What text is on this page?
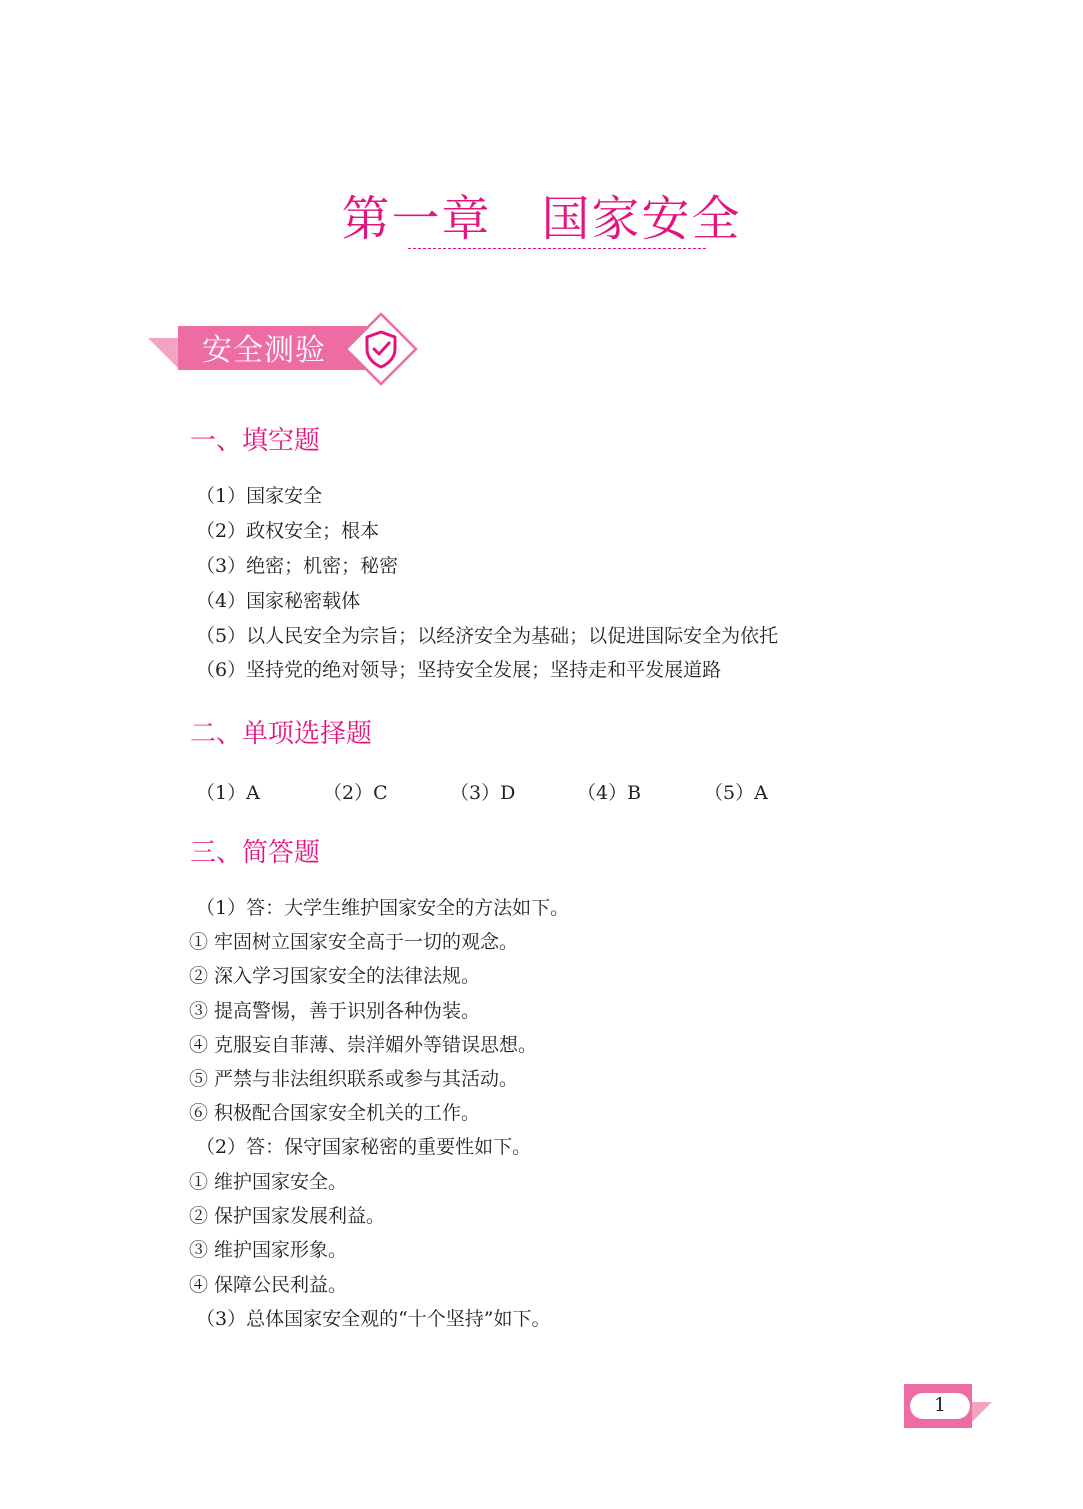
第一章　国家安全
安全测验
一、填空题
（1）国家安全
（2）政权安全；根本
（3）绝密；机密；秘密
（4）国家秘密载体
（5）以人民安全为宗旨；以经济安全为基础；以促进国际安全为依托
（6）坚持党的绝对领导；坚持安全发展；坚持走和平发展道路
二、单项选择题
（1）A	（2）C	（3）D	（4）B	（5）A
三、简答题
（1）答：大学生维护国家安全的方法如下。
① 牢固树立国家安全高于一切的观念。
② 深入学习国家安全的法律法规。
③ 提高警惕，善于识别各种伪装。
④ 克服妄自菲薄、崇洋媚外等错误思想。
⑤ 严禁与非法组织联系或参与其活动。
⑥ 积极配合国家安全机关的工作。
（2）答：保守国家秘密的重要性如下。
① 维护国家安全。
② 保护国家发展利益。
③ 维护国家形象。
④ 保障公民利益。
（3）总体国家安全观的“十个坚持”如下。
1
